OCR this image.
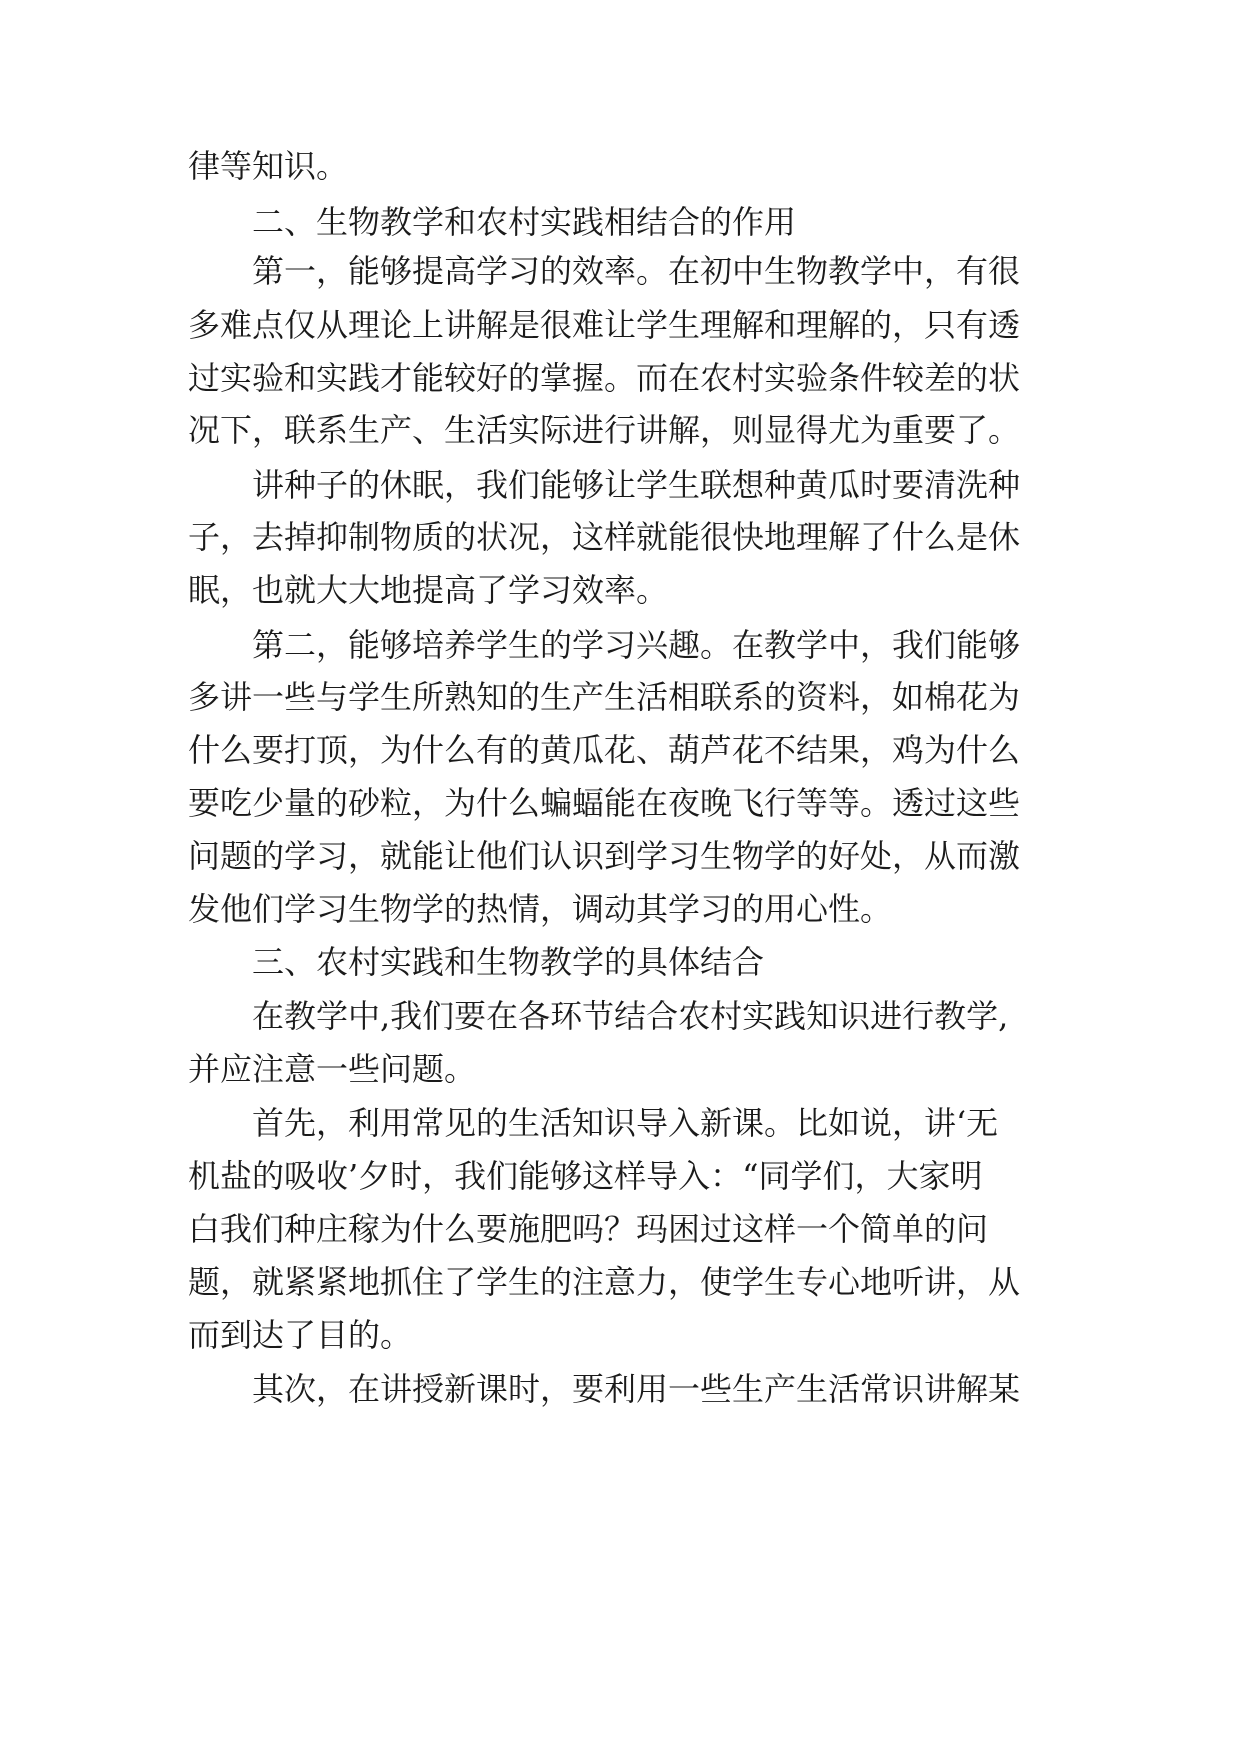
律等知识。

二、生物教学和农村实践相结合的作用

第一，能够提高学习的效率。在初中生物教学中，有很

多难点仅从理论上讲解是很难让学生理解和理解的，只有透

过实验和实践才能较好的掌握。而在农村实验条件较差的状

况下，联系生产、生活实际进行讲解，则显得尤为重要了。

讲种子的休眠，我们能够让学生联想种黄瓜时要清洗种

子，去掉抑制物质的状况，这样就能很快地理解了什么是休

眠，也就大大地提高了学习效率。

第二，能够培养学生的学习兴趣。在教学中，我们能够

多讲一些与学生所熟知的生产生活相联系的资料，如棉花为

什么要打顶，为什么有的黄瓜花、葫芦花不结果，鸡为什么

要吃少量的砂粒，为什么蝙蝠能在夜晚飞行等等。透过这些

问题的学习，就能让他们认识到学习生物学的好处，从而激

发他们学习生物学的热情，调动其学习的用心性。

三、农村实践和生物教学的具体结合

在教学中,我们要在各环节结合农村实践知识进行教学,

并应注意一些问题。

首先，利用常见的生活知识导入新课。比如说，讲‘无

机盐的吸收’夕时，我们能够这样导入：“同学们，大家明

白我们种庄稼为什么要施肥吗？玛困过这样一个简单的问

题，就紧紧地抓住了学生的注意力，使学生专心地听讲，从

而到达了目的。

其次，在讲授新课时，要利用一些生产生活常识讲解某
